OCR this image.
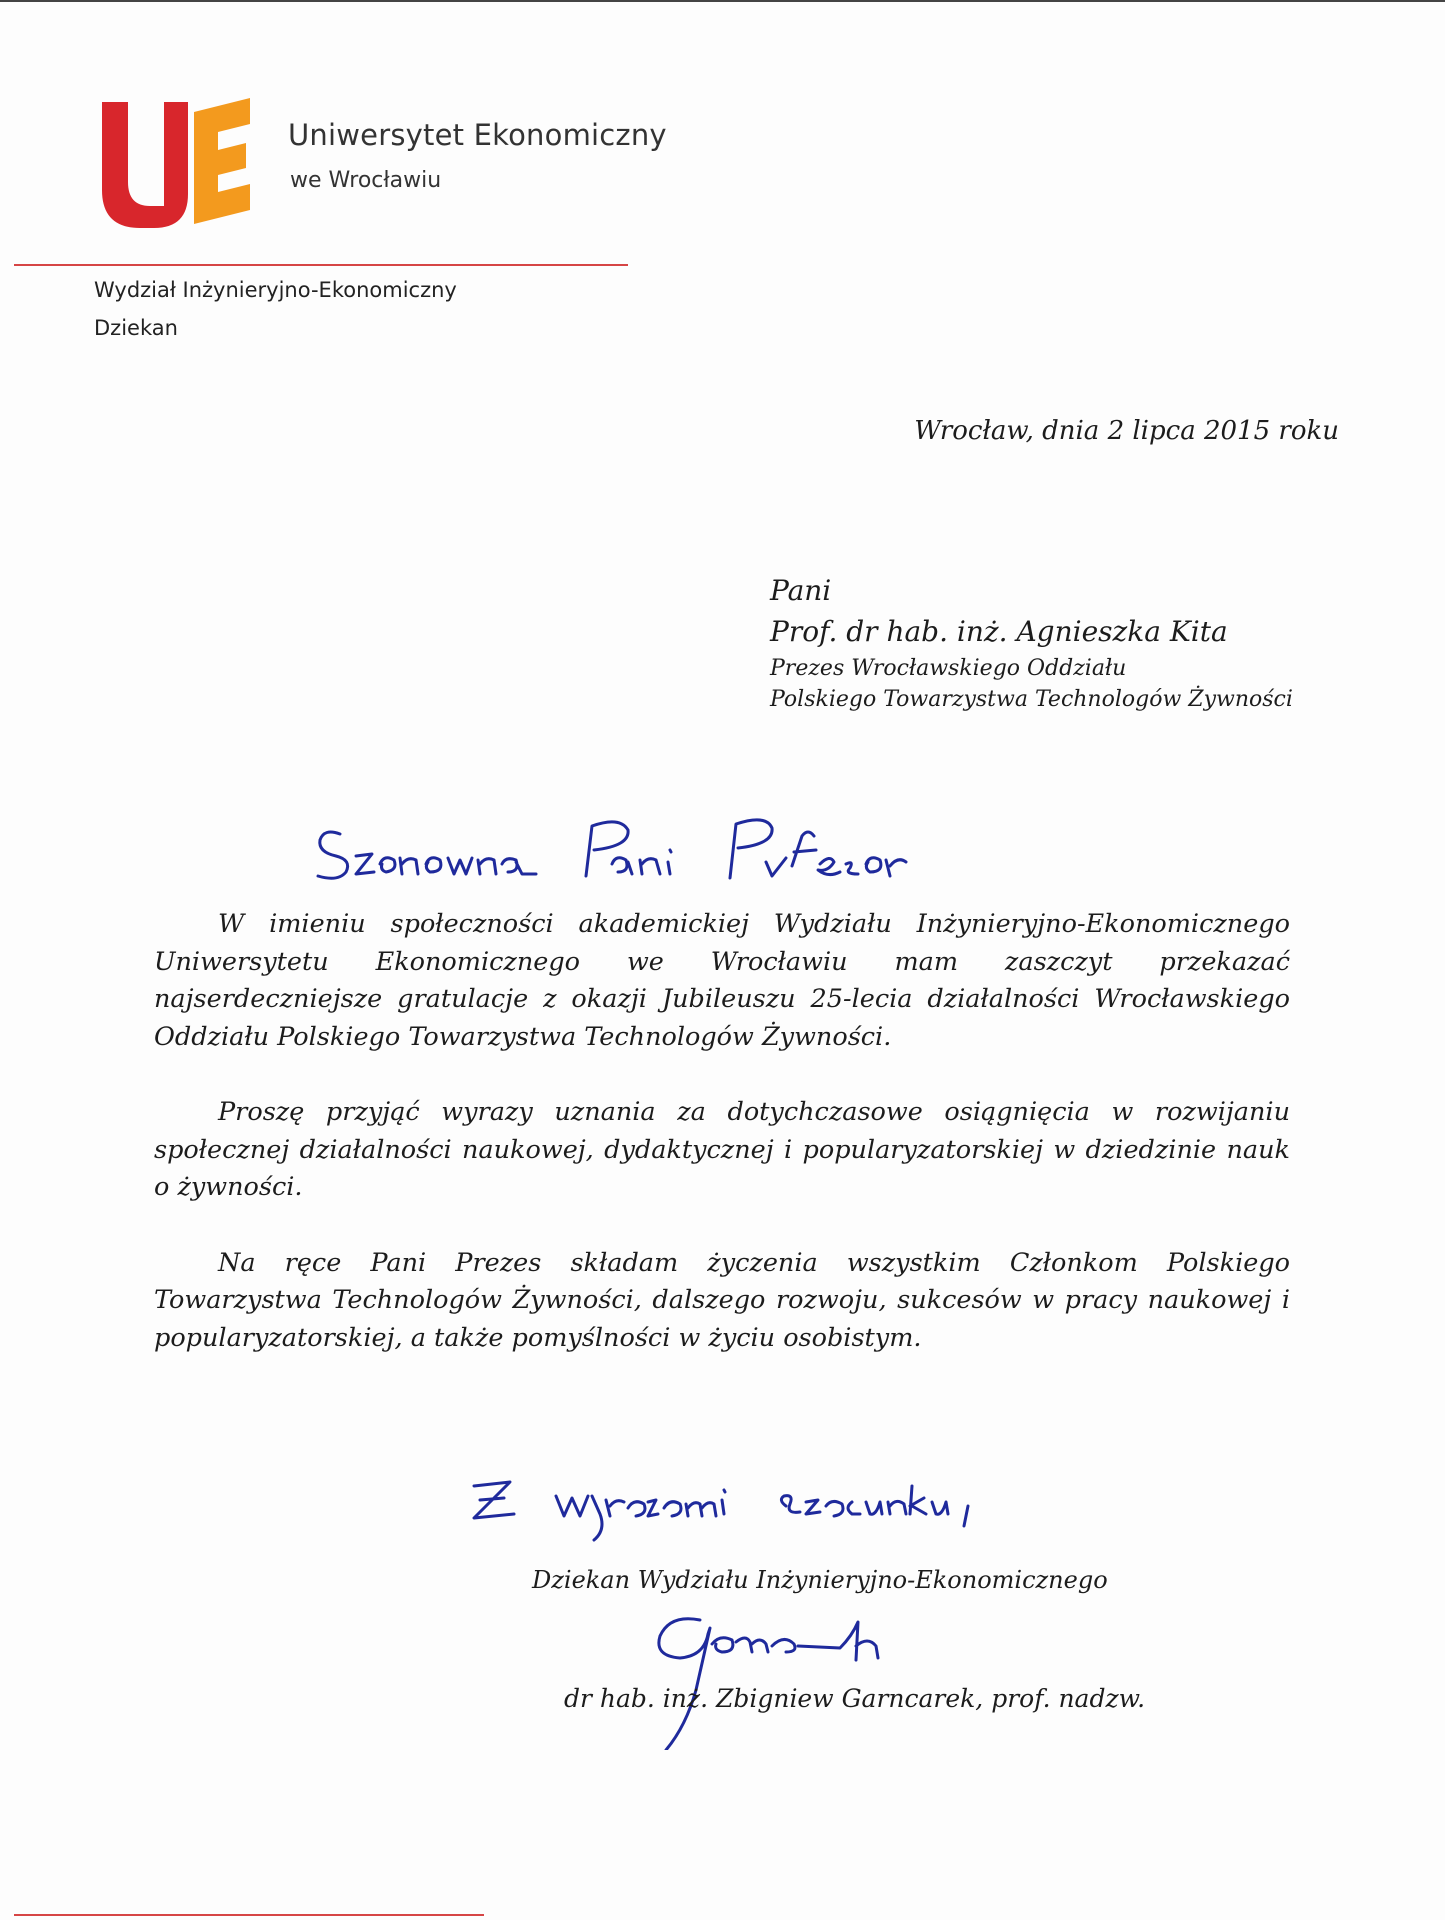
Uniwersytet Ekonomiczny
we Wrocławiu
Wydział Inżynieryjno-Ekonomiczny
Dziekan
Wrocław, dnia 2 lipca 2015 roku
Pani
Prof. dr hab. inż. Agnieszka Kita
Prezes Wrocławskiego Oddziału
Polskiego Towarzystwa Technologów Żywności

W imieniu społeczności akademickiej Wydziału Inżynieryjno-Ekonomicznego Uniwersytetu Ekonomicznego we Wrocławiu mam zaszczyt przekazać najserdeczniejsze gratulacje z okazji Jubileuszu 25-lecia działalności Wrocławskiego Oddziału Polskiego Towarzystwa Technologów Żywności.

Proszę przyjąć wyrazy uznania za dotychczasowe osiągnięcia w rozwijaniu społecznej działalności naukowej, dydaktycznej i popularyzatorskiej w dziedzinie nauk o żywności.

Na ręce Pani Prezes składam życzenia wszystkim Członkom Polskiego Towarzystwa Technologów Żywności, dalszego rozwoju, sukcesów w pracy naukowej i popularyzatorskiej, a także pomyślności w życiu osobistym.

Dziekan Wydziału Inżynieryjno-Ekonomicznego
dr hab. inż. Zbigniew Garncarek, prof. nadzw.
